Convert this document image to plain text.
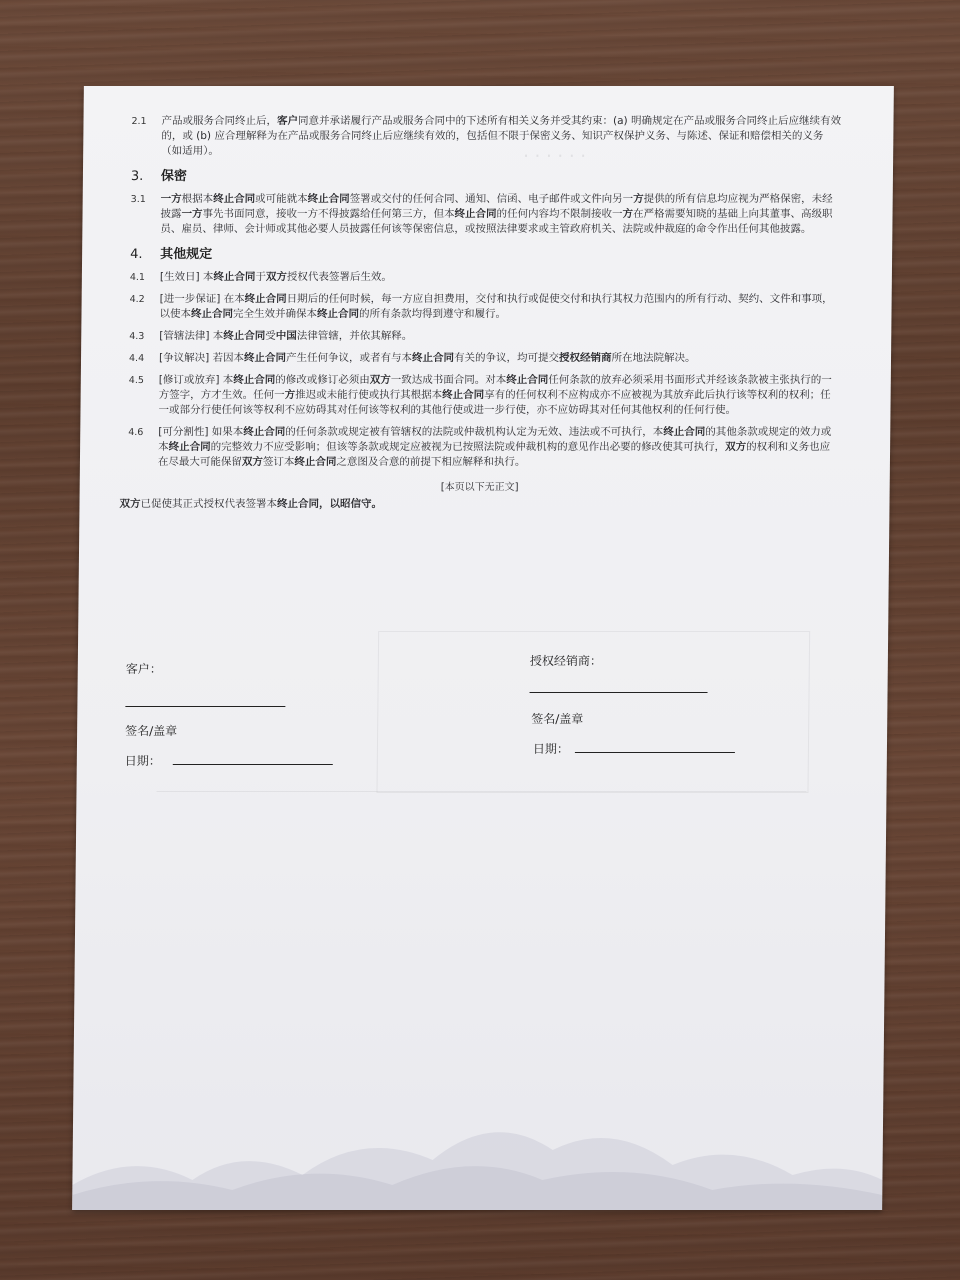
· · · · · ·
2.1 产品或服务合同终止后，客户同意并承诺履行产品或服务合同中的下述所有相关义务并受其约束：(a) 明确规定在产品或服务合同终止后应继续有效的，或 (b) 应合理解释为在产品或服务合同终止后应继续有效的，包括但不限于保密义务、知识产权保护义务、与陈述、保证和赔偿相关的义务（如适用）。
3. 保密
3.1 一方根据本终止合同或可能就本终止合同签署或交付的任何合同、通知、信函、电子邮件或文件向另一方提供的所有信息均应视为严格保密，未经披露一方事先书面同意，接收一方不得披露给任何第三方，但本终止合同的任何内容均不限制接收一方在严格需要知晓的基础上向其董事、高级职员、雇员、律师、会计师或其他必要人员披露任何该等保密信息，或按照法律要求或主管政府机关、法院或仲裁庭的命令作出任何其他披露。
4. 其他规定
4.1 [生效日] 本终止合同于双方授权代表签署后生效。
4.2 [进一步保证] 在本终止合同日期后的任何时候，每一方应自担费用，交付和执行或促使交付和执行其权力范围内的所有行动、契约、文件和事项，以使本终止合同完全生效并确保本终止合同的所有条款均得到遵守和履行。
4.3 [管辖法律] 本终止合同受中国法律管辖，并依其解释。
4.4 [争议解决] 若因本终止合同产生任何争议，或者有与本终止合同有关的争议，均可提交授权经销商所在地法院解决。
4.5 [修订或放弃] 本终止合同的修改或修订必须由双方一致达成书面合同。对本终止合同任何条款的放弃必须采用书面形式并经该条款被主张执行的一方签字，方才生效。任何一方推迟或未能行使或执行其根据本终止合同享有的任何权利不应构成亦不应被视为其放弃此后执行该等权利的权利；任一或部分行使任何该等权利不应妨碍其对任何该等权利的其他行使或进一步行使，亦不应妨碍其对任何其他权利的任何行使。
4.6 [可分割性] 如果本终止合同的任何条款或规定被有管辖权的法院或仲裁机构认定为无效、违法或不可执行，本终止合同的其他条款或规定的效力或本终止合同的完整效力不应受影响；但该等条款或规定应被视为已按照法院或仲裁机构的意见作出必要的修改使其可执行，双方的权利和义务也应在尽最大可能保留双方签订本终止合同之意图及合意的前提下相应解释和执行。
[本页以下无正文]
双方已促使其正式授权代表签署本终止合同，以昭信守。
客户：
签名/盖章
日期：
授权经销商：
签名/盖章
日期：
